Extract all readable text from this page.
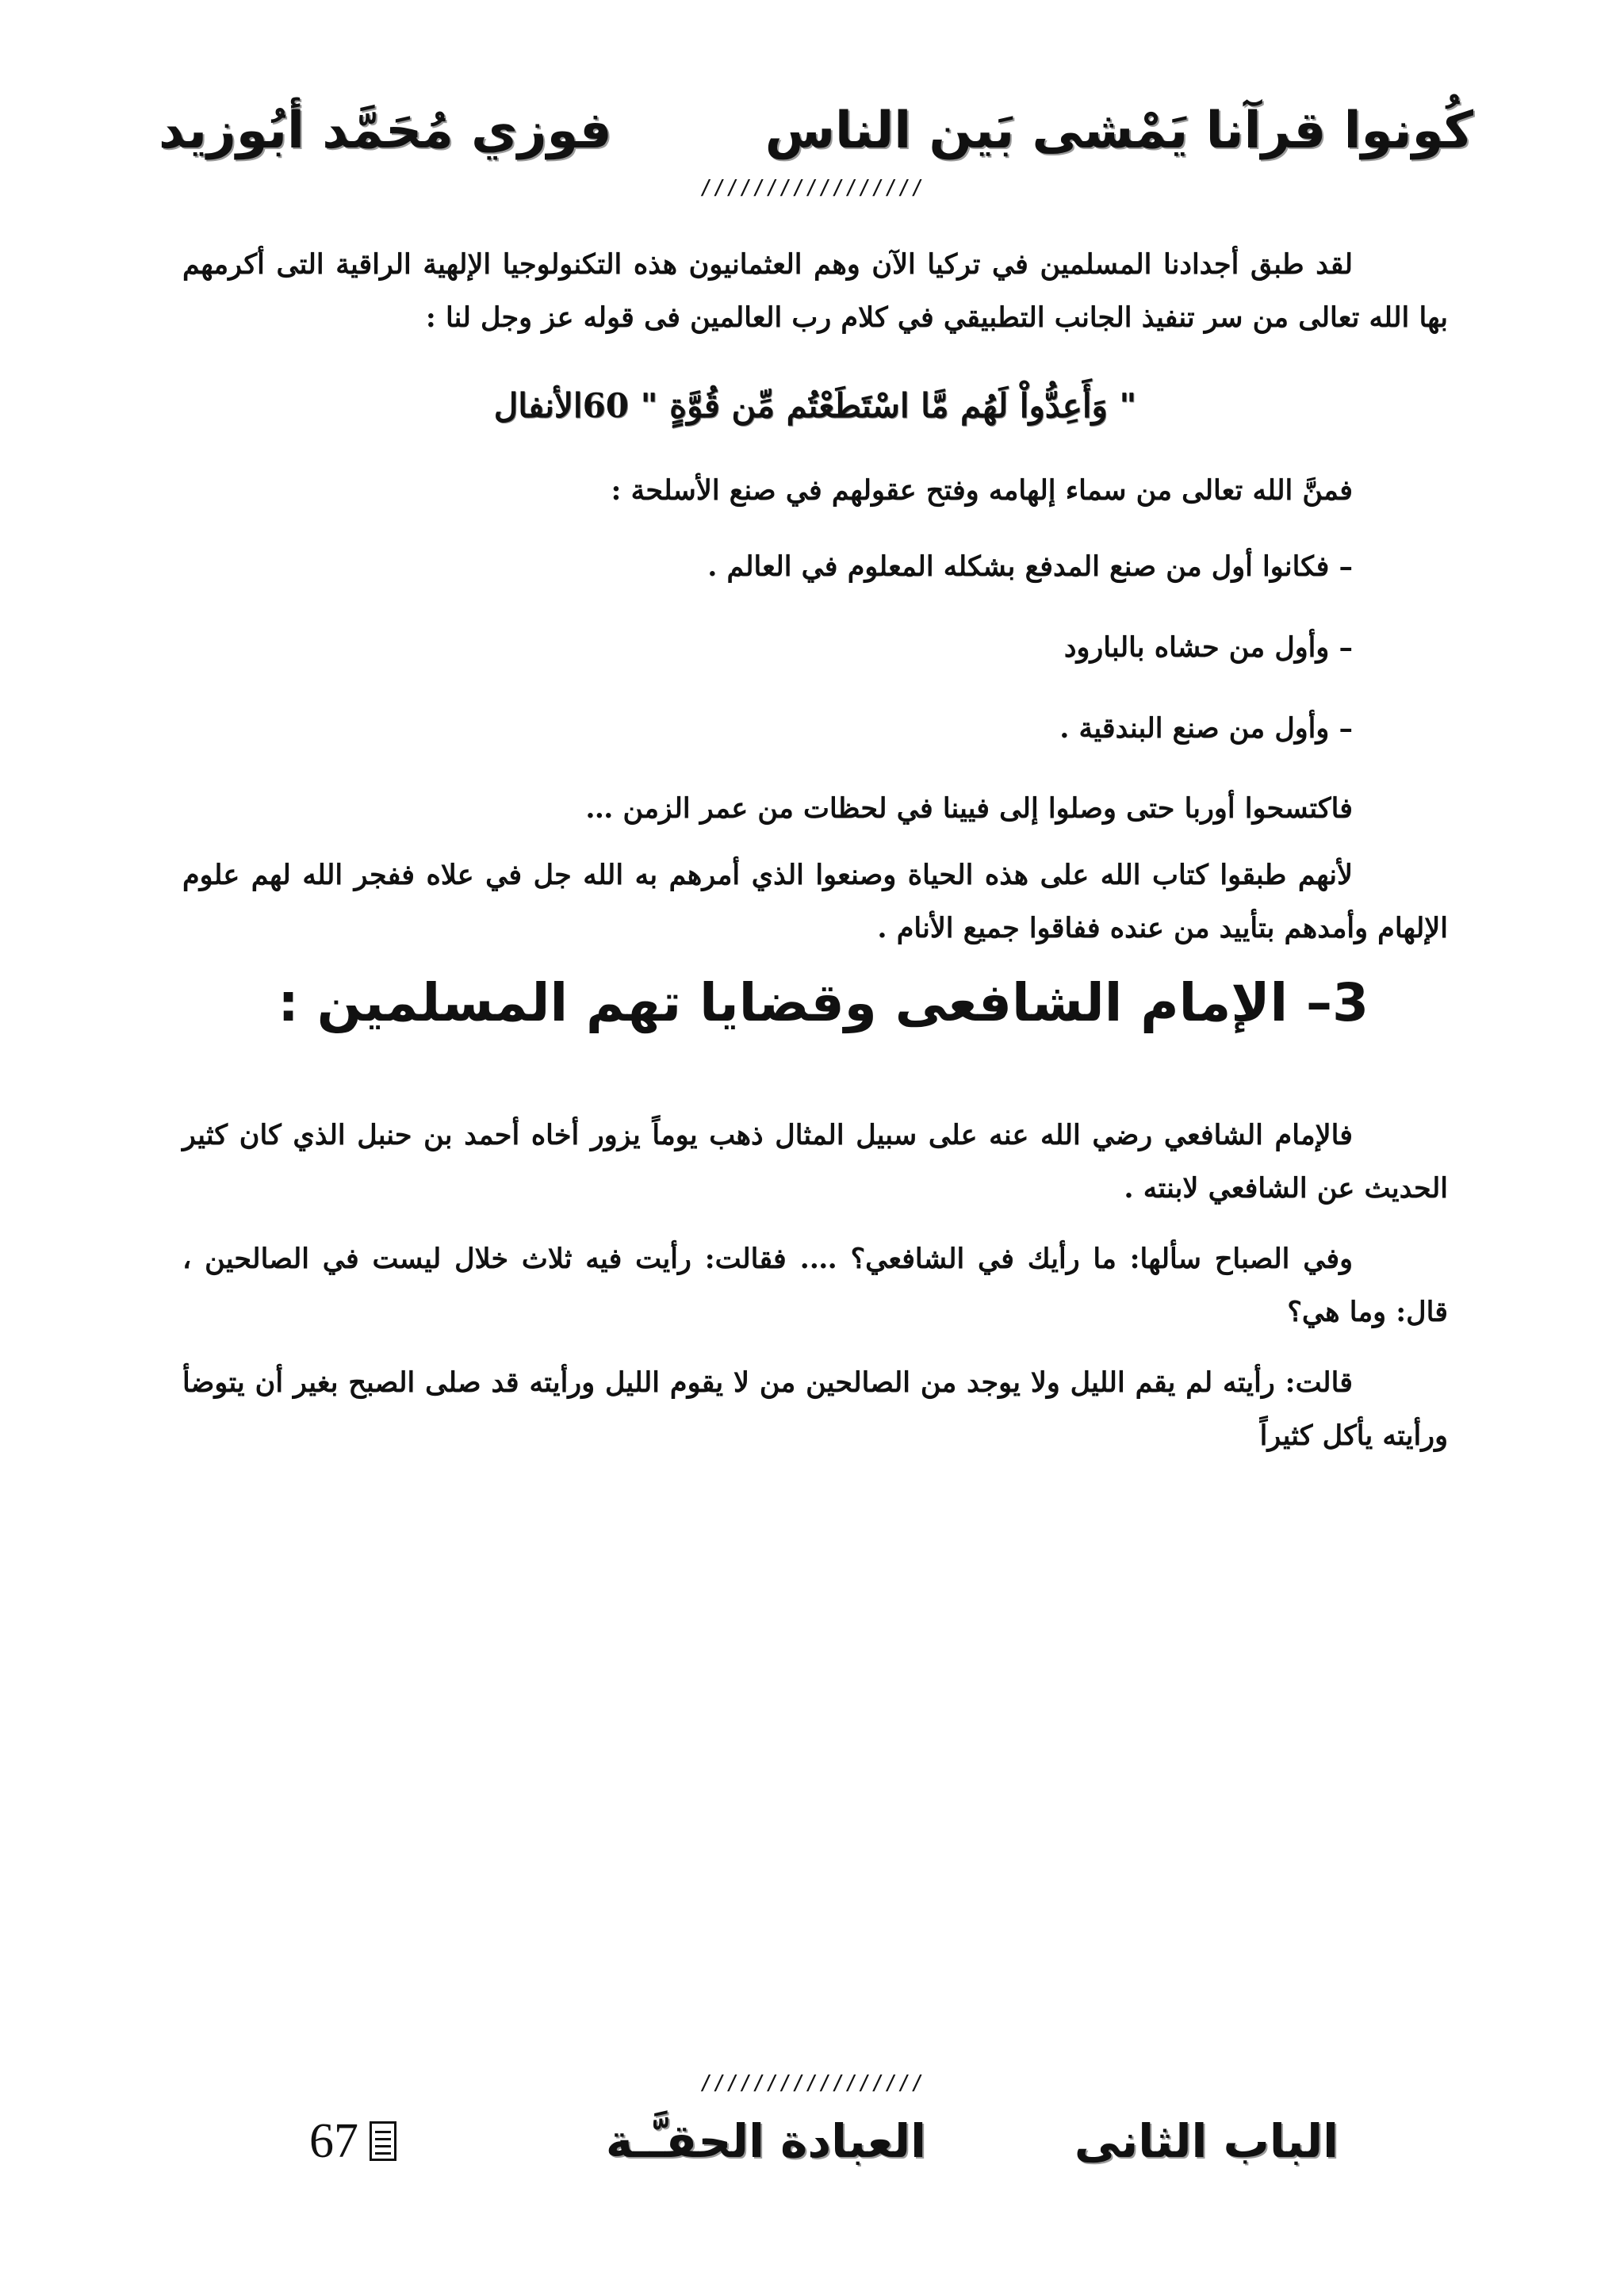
كُونوا قرآنا يَمْشى بَين الناس
فوزي مُحَمَّد أبُوزيد
/////////////////

لقد طبق أجدادنا المسلمين في تركيا الآن وهم العثمانيون هذه التكنولوجيا الإلهية الراقية التى أكرمهم بها الله تعالى من سر تنفيذ الجانب التطبيقي في كلام رب العالمين فى قوله عز وجل لنا :

" وَأَعِدُّواْ لَهُم مَّا اسْتَطَعْتُم مِّن قُوَّةٍ " 60الأنفال

فمنَّ الله تعالى من سماء إلهامه وفتح عقولهم في صنع الأسلحة :

– فكانوا أول من صنع المدفع بشكله المعلوم في العالم .

– وأول من حشاه بالبارود

– وأول من صنع البندقية .

فاكتسحوا أوربا حتى وصلوا إلى فيينا في لحظات من عمر الزمن …

لأنهم طبقوا كتاب الله على هذه الحياة وصنعوا الذي أمرهم به الله جل في علاه ففجر الله لهم علوم الإلهام وأمدهم بتأييد من عنده ففاقوا جميع الأنام .

3– الإمام الشافعى وقضايا تهم المسلمين :

فالإمام الشافعي رضي الله عنه على سبيل المثال ذهب يوماً يزور أخاه أحمد بن حنبل الذي كان كثير الحديث عن الشافعي لابنته .

وفي الصباح سألها: ما رأيك في الشافعي؟ …. فقالت: رأيت فيه ثلاث خلال ليست في الصالحين ، قال: وما هي؟

قالت: رأيته لم يقم الليل ولا يوجد من الصالحين من لا يقوم الليل ورأيته قد صلى الصبح بغير أن يتوضأ ورأيته يأكل كثيراً

/////////////////
الباب الثانى
العبادة الحقـَّـة
67
